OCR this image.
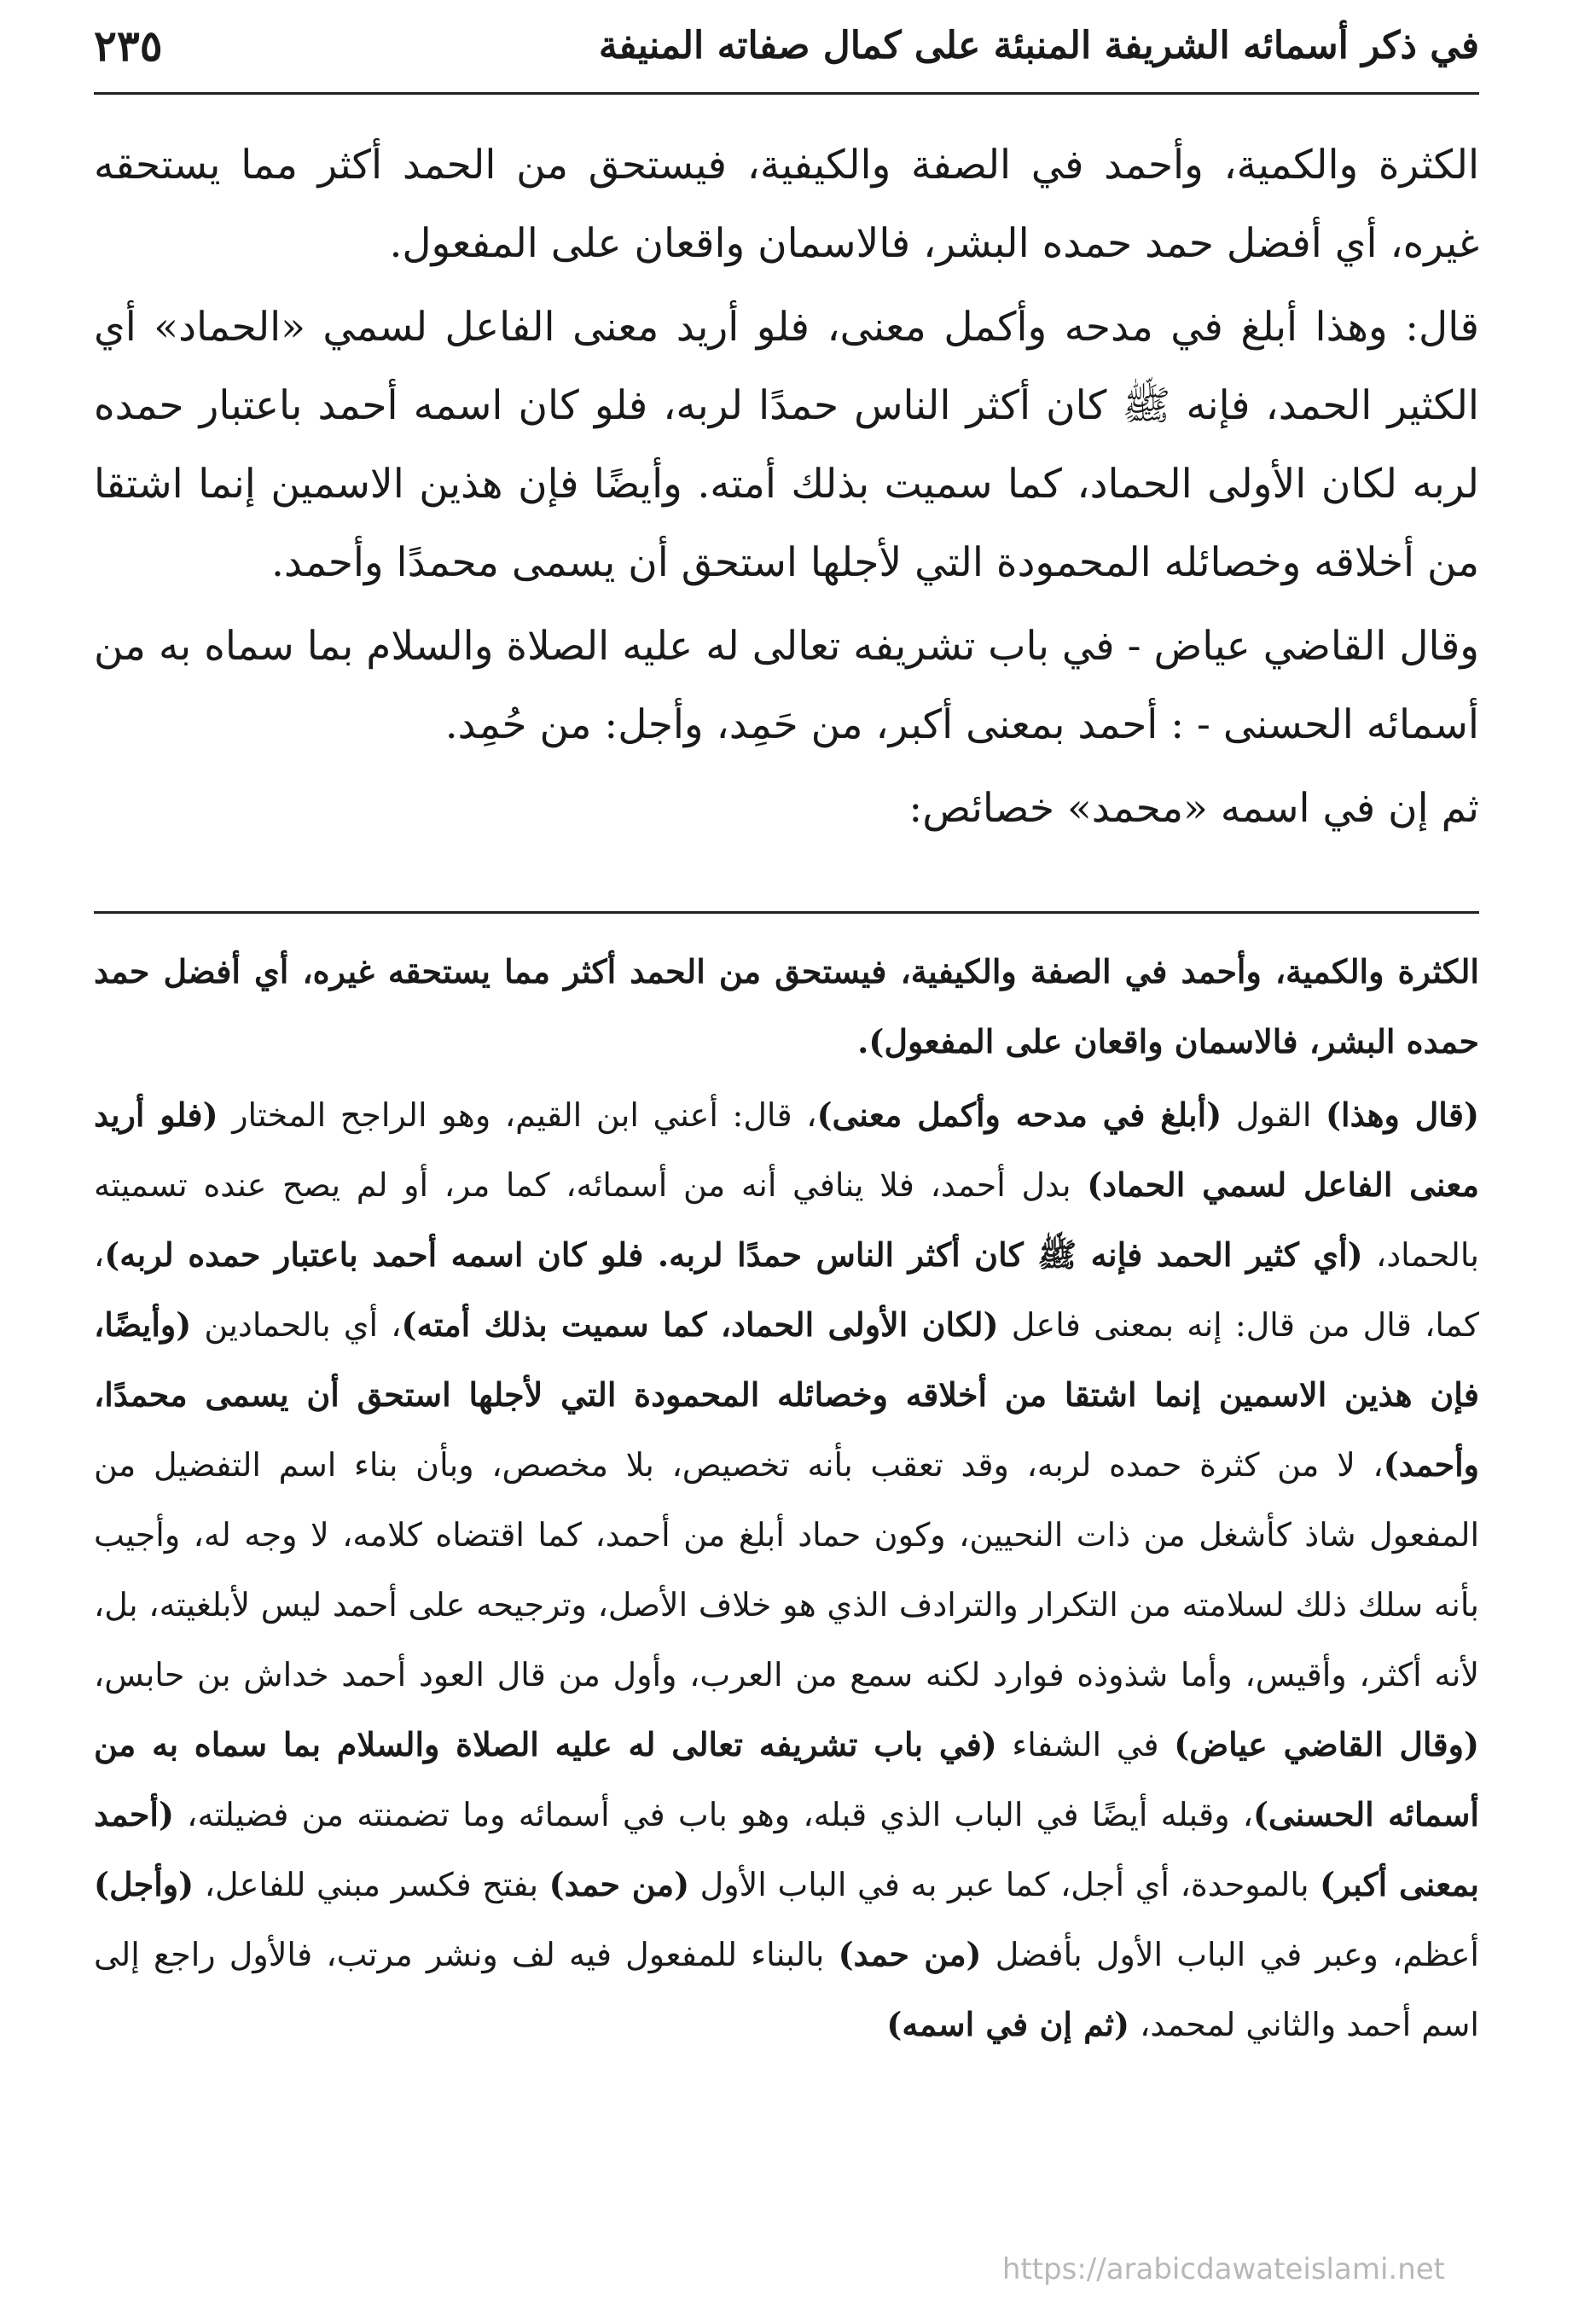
في ذكر أسمائه الشريفة المنبئة على كمال صفاته المنيفة
٢٣٥

الكثرة والكمية، وأحمد في الصفة والكيفية، فيستحق من الحمد أكثر مما يستحقه غيره، أي أفضل حمد حمده البشر، فالاسمان واقعان على المفعول.

قال: وهذا أبلغ في مدحه وأكمل معنى، فلو أريد معنى الفاعل لسمي «الحماد» أي الكثير الحمد، فإنه ﷺ كان أكثر الناس حمدًا لربه، فلو كان اسمه أحمد باعتبار حمده لربه لكان الأولى الحماد، كما سميت بذلك أمته. وأيضًا فإن هذين الاسمين إنما اشتقا من أخلاقه وخصائله المحمودة التي لأجلها استحق أن يسمى محمدًا وأحمد.

وقال القاضي عياض - في باب تشريفه تعالى له عليه الصلاة والسلام بما سماه به من أسمائه الحسنى - : أحمد بمعنى أكبر، من حَمِد، وأجل: من حُمِد.

ثم إن في اسمه «محمد» خصائص:

الكثرة والكمية، وأحمد في الصفة والكيفية، فيستحق من الحمد أكثر مما يستحقه غيره، أي أفضل حمد حمده البشر، فالاسمان واقعان على المفعول).

(قال وهذا) القول (أبلغ في مدحه وأكمل معنى)، قال: أعني ابن القيم، وهو الراجح المختار (فلو أريد معنى الفاعل لسمي الحماد) بدل أحمد، فلا ينافي أنه من أسمائه، كما مر، أو لم يصح عنده تسميته بالحماد، (أي كثير الحمد فإنه ﷺ كان أكثر الناس حمدًا لربه. فلو كان اسمه أحمد باعتبار حمده لربه)، كما، قال من قال: إنه بمعنى فاعل (لكان الأولى الحماد، كما سميت بذلك أمته)، أي بالحمادين (وأيضًا، فإن هذين الاسمين إنما اشتقا من أخلاقه وخصائله المحمودة التي لأجلها استحق أن يسمى محمدًا، وأحمد)، لا من كثرة حمده لربه، وقد تعقب بأنه تخصيص، بلا مخصص، وبأن بناء اسم التفضيل من المفعول شاذ كأشغل من ذات النحيين، وكون حماد أبلغ من أحمد، كما اقتضاه كلامه، لا وجه له، وأجيب بأنه سلك ذلك لسلامته من التكرار والترادف الذي هو خلاف الأصل، وترجيحه على أحمد ليس لأبلغيته، بل، لأنه أكثر، وأقيس، وأما شذوذه فوارد لكنه سمع من العرب، وأول من قال العود أحمد خداش بن حابس، (وقال القاضي عياض) في الشفاء (في باب تشريفه تعالى له عليه الصلاة والسلام بما سماه به من أسمائه الحسنى)، وقبله أيضًا في الباب الذي قبله، وهو باب في أسمائه وما تضمنته من فضيلته، (أحمد بمعنى أكبر) بالموحدة، أي أجل، كما عبر به في الباب الأول (من حمد) بفتح فكسر مبني للفاعل، (وأجل) أعظم، وعبر في الباب الأول بأفضل (من حمد) بالبناء للمفعول فيه لف ونشر مرتب، فالأول راجع إلى اسم أحمد والثاني لمحمد، (ثم إن في اسمه)

https://arabicdawateislami.net
